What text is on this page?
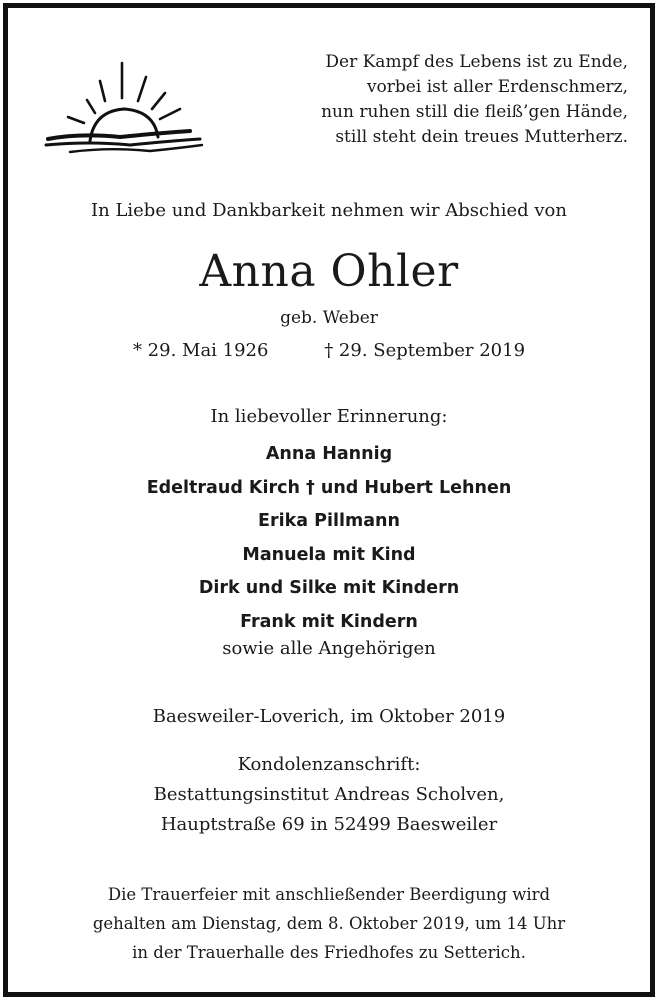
Der Kampf des Lebens ist zu Ende,
vorbei ist aller Erdenschmerz,
nun ruhen still die fleiß’gen Hände,
still steht dein treues Mutterherz.
In Liebe und Dankbarkeit nehmen wir Abschied von
Anna Ohler
geb. Weber
* 29. Mai 1926	† 29. September 2019
In liebevoller Erinnerung:
Anna Hannig
Edeltraud Kirch † und Hubert Lehnen
Erika Pillmann
Manuela mit Kind
Dirk und Silke mit Kindern
Frank mit Kindern
sowie alle Angehörigen
Baesweiler-Loverich, im Oktober 2019
Kondolenzanschrift:
Bestattungsinstitut Andreas Scholven,
Hauptstraße 69 in 52499 Baesweiler
Die Trauerfeier mit anschließender Beerdigung wird
gehalten am Dienstag, dem 8. Oktober 2019, um 14 Uhr
in der Trauerhalle des Friedhofes zu Setterich.
